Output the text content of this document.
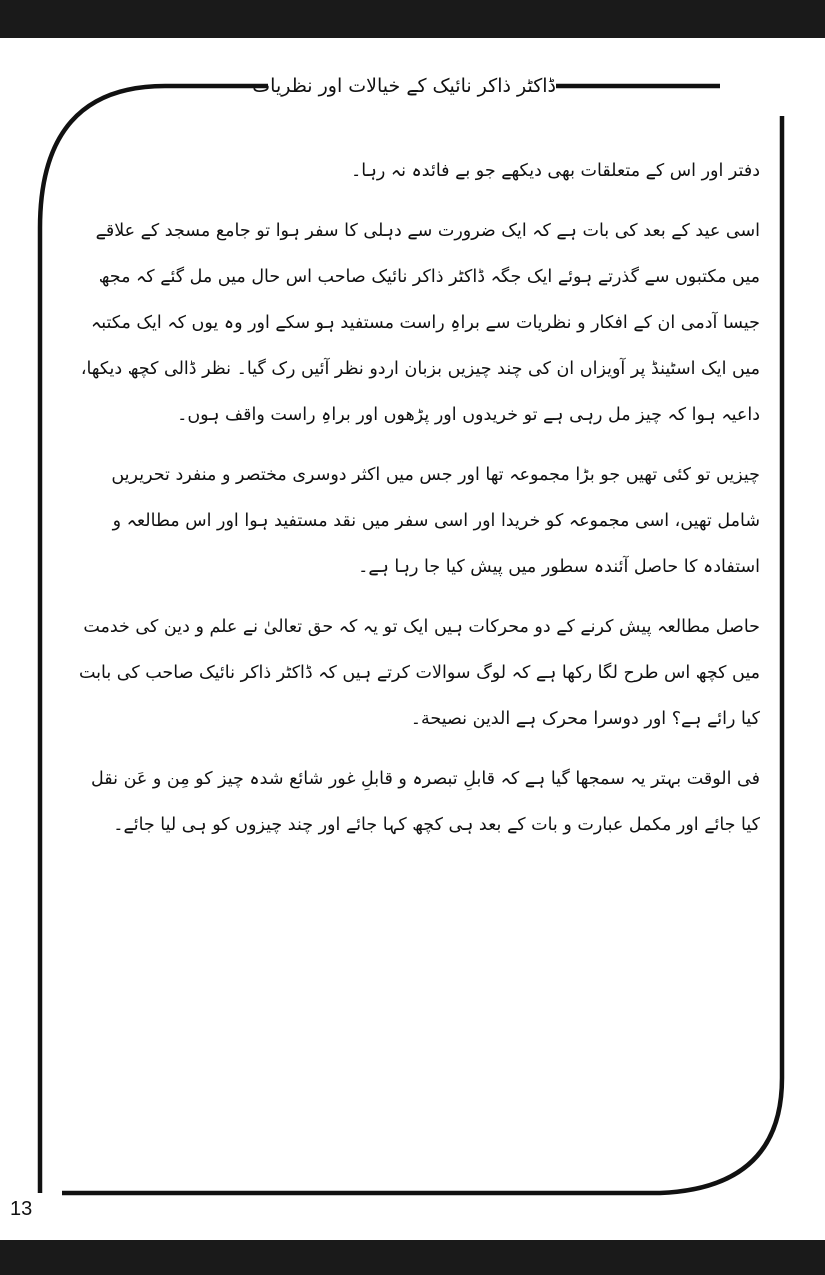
ڈاکٹر ذاکر نائیک کے خیالات اور نظریات

دفتر اور اس کے متعلقات بھی دیکھے جو بے فائدہ نہ رہا۔

اسی عید کے بعد کی بات ہے کہ ایک ضرورت سے دہلی کا سفر ہوا تو جامع مسجد کے علاقے میں مکتبوں سے گذرتے ہوئے ایک جگہ ڈاکٹر ذاکر نائیک صاحب اس حال میں مل گئے کہ مجھ جیسا آدمی ان کے افکار و نظریات سے براہِ راست مستفید ہو سکے اور وہ یوں کہ ایک مکتبہ میں ایک اسٹینڈ پر آویزاں ان کی چند چیزیں بزبان اردو نظر آئیں رک گیا۔ نظر ڈالی کچھ دیکھا، داعیہ ہوا کہ چیز مل رہی ہے تو خریدوں اور پڑھوں اور براہِ راست واقف ہوں۔

چیزیں تو کئی تھیں جو بڑا مجموعہ تھا اور جس میں اکثر دوسری مختصر و منفرد تحریریں شامل تھیں، اسی مجموعہ کو خریدا اور اسی سفر میں نقد مستفید ہوا اور اس مطالعہ و استفادہ کا حاصل آئندہ سطور میں پیش کیا جا رہا ہے۔

حاصل مطالعہ پیش کرنے کے دو محرکات ہیں ایک تو یہ کہ حق تعالیٰ نے علم و دین کی خدمت میں کچھ اس طرح لگا رکھا ہے کہ لوگ سوالات کرتے ہیں کہ ڈاکٹر ذاکر نائیک صاحب کی بابت کیا رائے ہے؟ اور دوسرا محرک ہے الدین نصیحة۔

فی الوقت بہتر یہ سمجھا گیا ہے کہ قابلِ تبصرہ و قابلِ غور شائع شدہ چیز کو مِن و عَن نقل کیا جائے اور مکمل عبارت و بات کے بعد ہی کچھ کہا جائے اور چند چیزوں کو ہی لیا جائے۔

13
